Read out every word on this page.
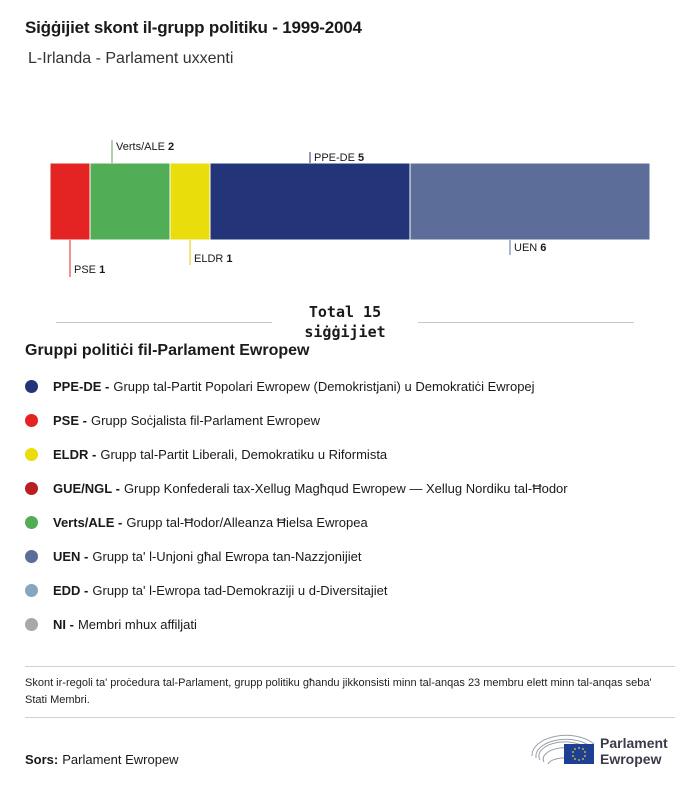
Siġġijiet skont il-grupp politiku - 1999-2004
L-Irlanda - Parlament uxxenti
PSE 1
Verts/ALE 2
ELDR 1
PPE-DE 5
UEN 6
Total 15
siġġijiet
Gruppi politiċi fil-Parlament Ewropew
PPE-DE - Grupp tal-Partit Popolari Ewropew (Demokristjani) u Demokratiċi Ewropej
PSE - Grupp Soċjalista fil-Parlament Ewropew
ELDR - Grupp tal-Partit Liberali, Demokratiku u Riformista
GUE/NGL - Grupp Konfederali tax-Xellug Magħqud Ewropew — Xellug Nordiku tal-Ħodor
Verts/ALE - Grupp tal-Ħodor/Alleanza Ħielsa Ewropea
UEN - Grupp ta' l-Unjoni għal Ewropa tan-Nazzjonijiet
EDD - Grupp ta' l-Ewropa tad-Demokraziji u d-Diversitajiet
NI - Membri mhux affiljati
Skont ir-regoli ta' proċedura tal-Parlament, grupp politiku għandu jikkonsisti minn tal-anqas 23 membru elett minn tal-anqas seba' Stati Membri.
Sors: Parlament Ewropew
Parlament
Ewropew
